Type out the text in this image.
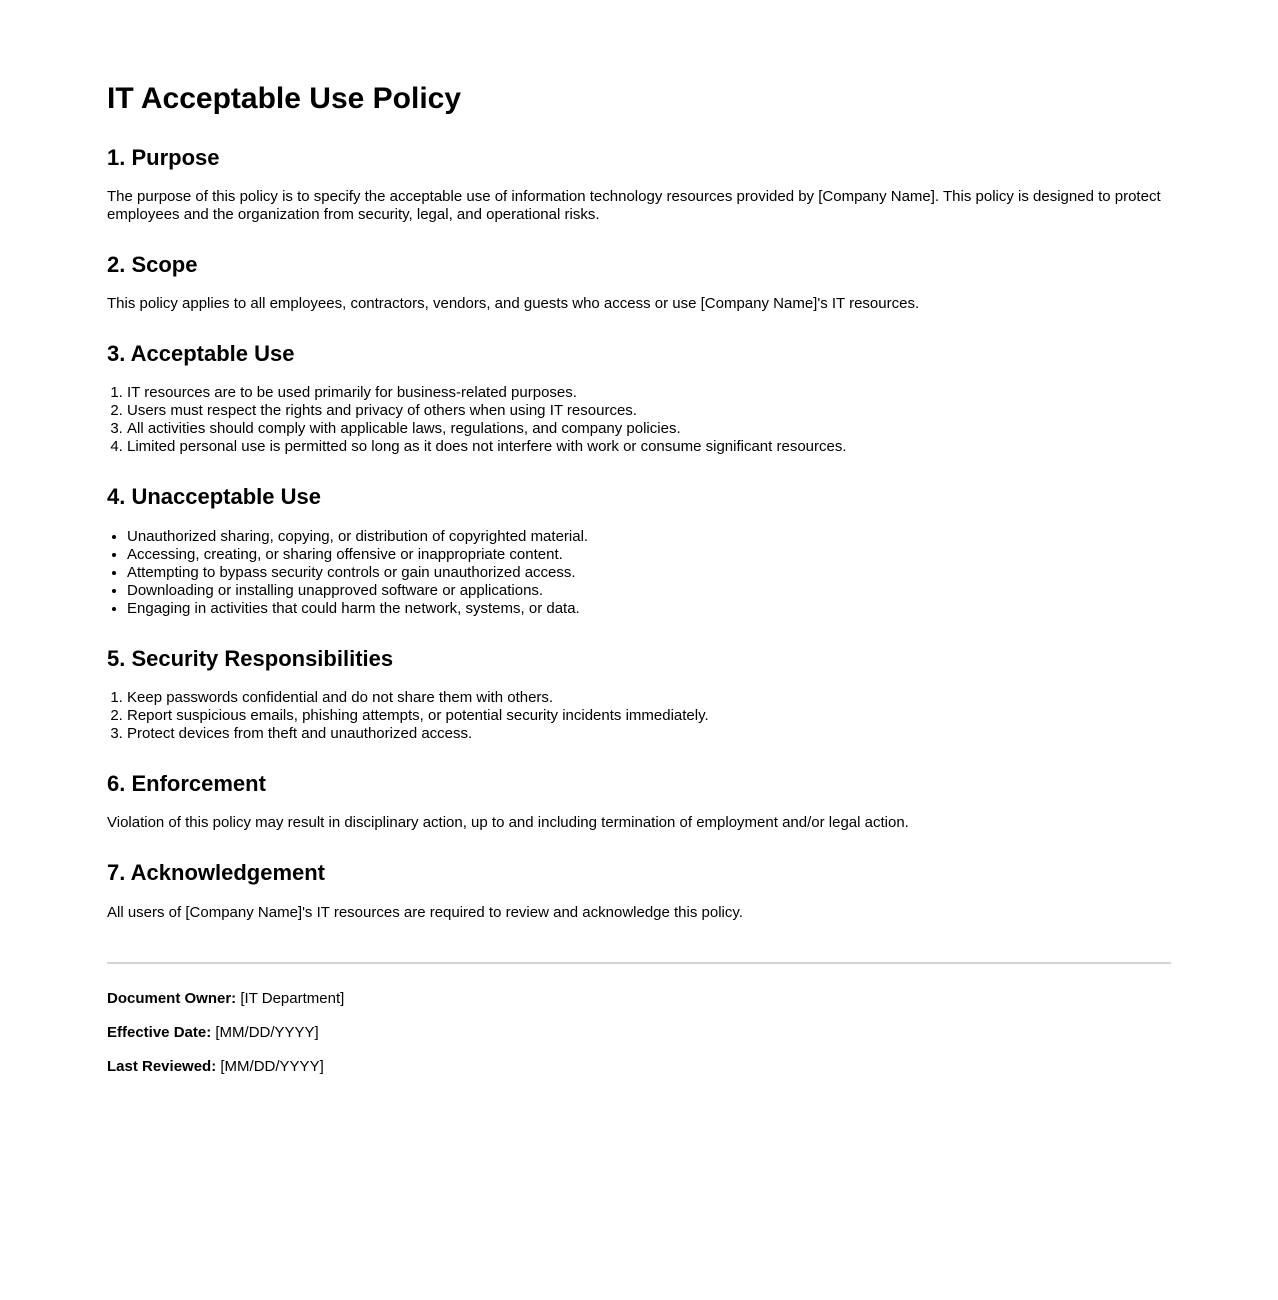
IT Acceptable Use Policy
1. Purpose

The purpose of this policy is to specify the acceptable use of information technology resources provided by [Company Name]. This policy is designed to protect employees and the organization from security, legal, and operational risks.

2. Scope

This policy applies to all employees, contractors, vendors, and guests who access or use [Company Name]'s IT resources.

3. Acceptable Use
1. IT resources are to be used primarily for business-related purposes.
2. Users must respect the rights and privacy of others when using IT resources.
3. All activities should comply with applicable laws, regulations, and company policies.
4. Limited personal use is permitted so long as it does not interfere with work or consume significant resources.
4. Unacceptable Use
• Unauthorized sharing, copying, or distribution of copyrighted material.
• Accessing, creating, or sharing offensive or inappropriate content.
• Attempting to bypass security controls or gain unauthorized access.
• Downloading or installing unapproved software or applications.
• Engaging in activities that could harm the network, systems, or data.
5. Security Responsibilities
1. Keep passwords confidential and do not share them with others.
2. Report suspicious emails, phishing attempts, or potential security incidents immediately.
3. Protect devices from theft and unauthorized access.
6. Enforcement

Violation of this policy may result in disciplinary action, up to and including termination of employment and/or legal action.

7. Acknowledgement

All users of [Company Name]'s IT resources are required to review and acknowledge this policy.

Document Owner: [IT Department]

Effective Date: [MM/DD/YYYY]

Last Reviewed: [MM/DD/YYYY]
